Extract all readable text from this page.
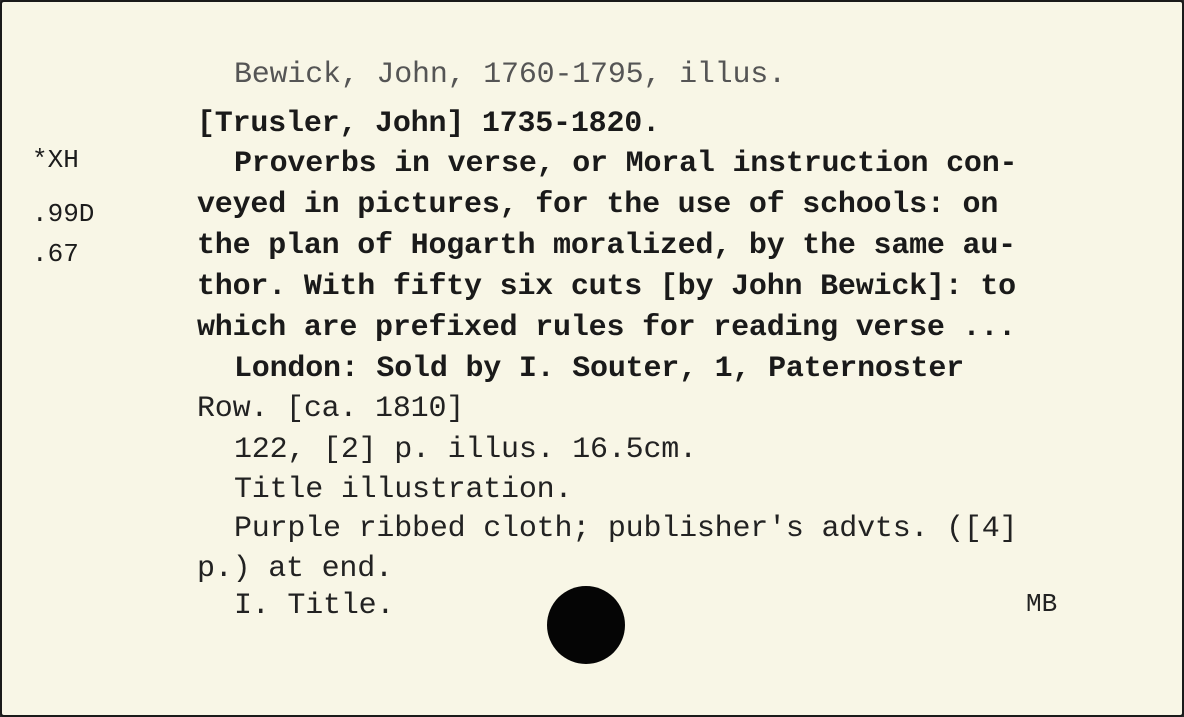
*XH
.99D
.67
Bewick, John, 1760-1795, illus.
[Trusler, John] 1735-1820.
Proverbs in verse, or Moral instruction con-
veyed in pictures, for the use of schools: on
the plan of Hogarth moralized, by the same au-
thor. With fifty six cuts [by John Bewick]: to
which are prefixed rules for reading verse ...
London: Sold by I. Souter, 1, Paternoster
Row. [ca. 1810]
122, [2] p. illus. 16.5cm.
Title illustration.
Purple ribbed cloth; publisher's advts. ([4]
p.) at end.
I. Title.	MB
